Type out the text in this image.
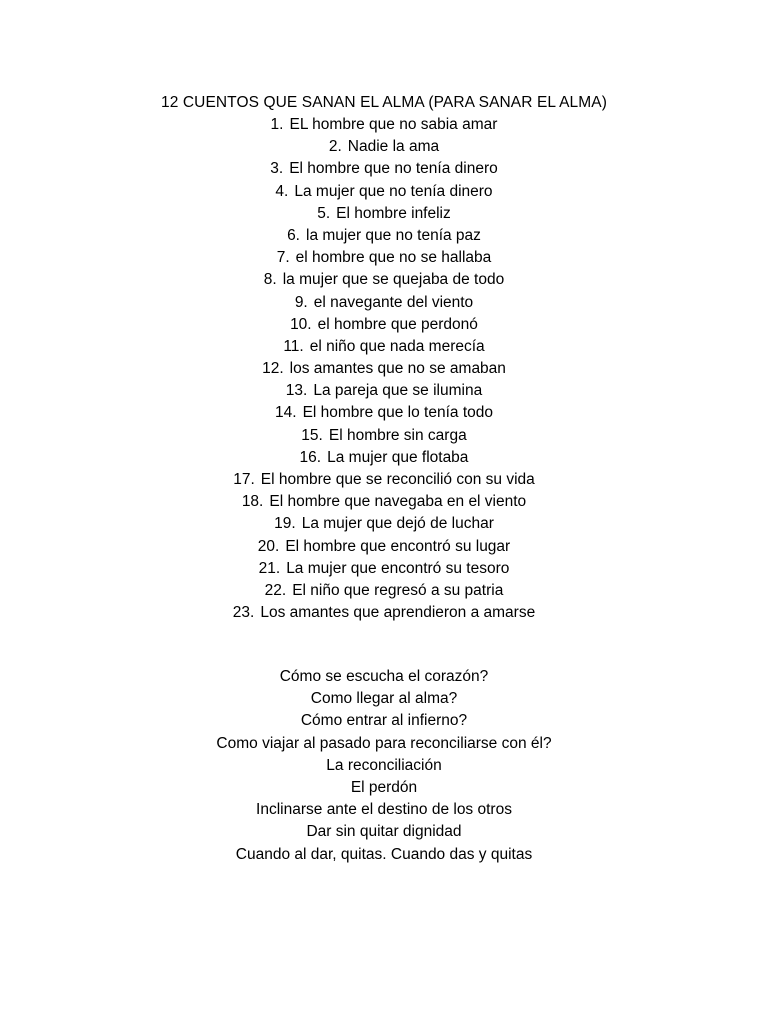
12 CUENTOS QUE SANAN EL ALMA (PARA SANAR EL ALMA)
1. EL hombre que no sabia amar
2. Nadie la ama
3. El hombre que no tenía dinero
4. La mujer que no tenía dinero
5. El hombre infeliz
6. la mujer que no tenía paz
7. el hombre que no se hallaba
8. la mujer que se quejaba de todo
9. el navegante del viento
10. el hombre que perdonó
11. el niño que nada merecía
12. los amantes que no se amaban
13. La pareja que se ilumina
14. El hombre que lo tenía todo
15. El hombre sin carga
16. La mujer que flotaba
17. El hombre que se reconcilió con su vida
18. El hombre que navegaba en el viento
19. La mujer que dejó de luchar
20. El hombre que encontró su lugar
21. La mujer que encontró su tesoro
22. El niño que regresó a su patria
23. Los amantes que aprendieron a amarse
Cómo se escucha el corazón?
Como llegar al alma?
Cómo entrar al infierno?
Como viajar al pasado para reconciliarse con él?
La reconciliación
El perdón
Inclinarse ante el destino de los otros
Dar sin quitar dignidad
Cuando al dar, quitas. Cuando das y quitas
